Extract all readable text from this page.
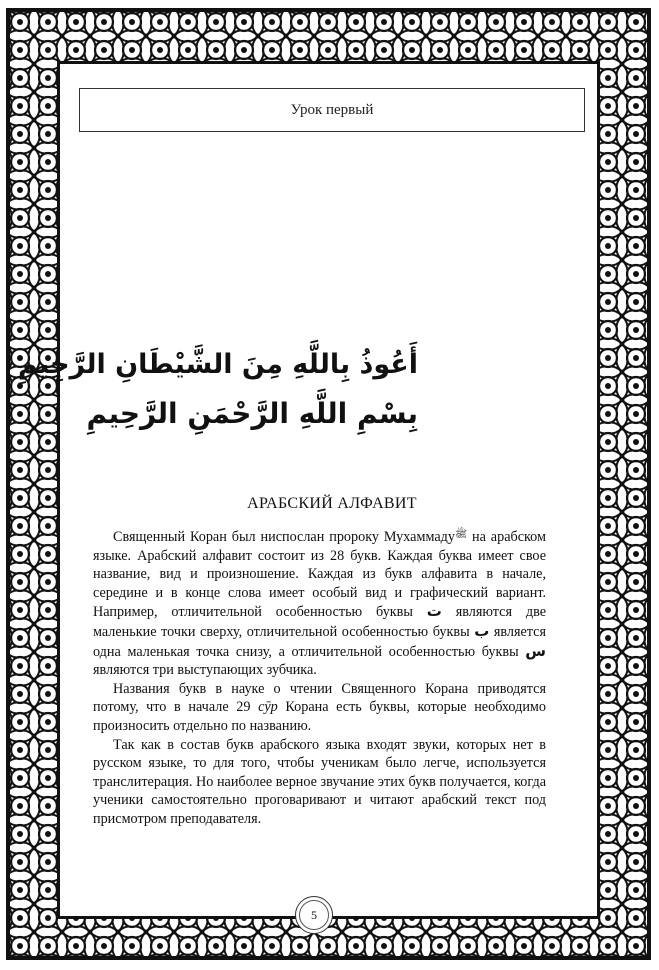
Урок первый
أَعُوذُ بِاللَّهِ مِنَ الشَّيْطَانِ الرَّجِيمِ
بِسْمِ اللَّهِ الرَّحْمَنِ الرَّحِيمِ
АРАБСКИЙ АЛФАВИТ

Священный Коран был ниспослан пророку Мухаммаду$^ﷺ$ на арабском языке. Арабский алфавит состоит из 28 букв. Каждая буква имеет свое название, вид и произношение. Каждая из букв алфавита в начале, середине и в конце слова имеет особый вид и графический вариант. Например, отличительной особенностью буквы ت являются две маленькие точки сверху, отличительной особенностью буквы ب является одна маленькая точка снизу, а отличительной особенностью буквы س являются три выступающих зубчика.

Названия букв в науке о чтении Священного Корана приводятся потому, что в начале 29 сӯр Корана есть буквы, которые необходимо произносить отдельно по названию.

Так как в состав букв арабского языка входят звуки, которых нет в русском языке, то для того, чтобы ученикам было легче, используется транслитерация. Но наиболее верное звучание этих букв получается, когда ученики самостоятельно проговаривают и читают арабский текст под присмотром преподавателя.

5
